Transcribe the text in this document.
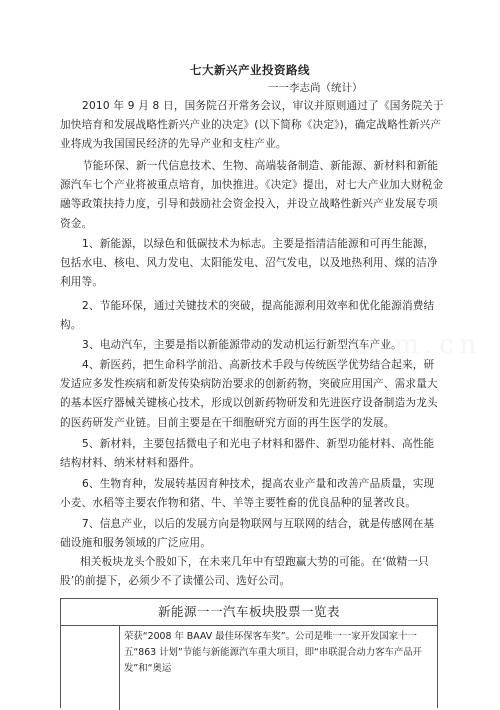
七大新兴产业投资路线
一一李志尚（统计）

2010 年 9 月 8 日，国务院召开常务会议，审议并原则通过了《国务院关于加快培育和发展战略性新兴产业的决定》(以下简称《决定》)，确定战略性新兴产业将成为我国国民经济的先导产业和支柱产业。

节能环保、新一代信息技术、生物、高端装备制造、新能源、新材料和新能源汽车七个产业将被重点培育，加快推进。《决定》提出，对七大产业加大财税金融等政策扶持力度，引导和鼓励社会资金投入，并设立战略性新兴产业发展专项资金。

1、新能源，以绿色和低碳技术为标志。主要是指清洁能源和可再生能源，包括水电、核电、风力发电、太阳能发电、沼气发电，以及地热利用、煤的洁净利用等。

2、节能环保，通过关键技术的突破，提高能源利用效率和优化能源消费结构。

3、电动汽车，主要是指以新能源带动的发动机运行新型汽车产业。

4、新医药，把生命科学前沿、高新技术手段与传统医学优势结合起来，研发适应多发性疾病和新发传染病防治要求的创新药物，突破应用国产、需求量大的基本医疗器械关键核心技术，形成以创新药物研发和先进医疗设备制造为龙头的医药研发产业链。目前主要是在干细胞研究方面的再生医学的发展。

5、新材料，主要包括微电子和光电子材料和器件、新型功能材料、高性能结构材料、纳米材料和器件。

6、生物育种，发展转基因育种技术，提高农业产量和改善产品质量，实现小麦、水稻等主要农作物和猪、牛、羊等主要牲畜的优良品种的显著改良。

7、信息产业，以后的发展方向是物联网与互联网的结合，就是传感网在基础设施和服务领域的广泛应用。

相关板块龙头个股如下，在未来几年中有望跑赢大势的可能。在‘做精一只股’的前提下，必须少不了读懂公司、选好公司。

新能源一一汽车板块股票一览表
荣获“2008 年 BAAV 最佳环保客车奖”。公司是唯一一家开发国家十一五“863 计划”节能与新能源汽车重大项目，即“串联混合动力客车产品开发”和“奥运
